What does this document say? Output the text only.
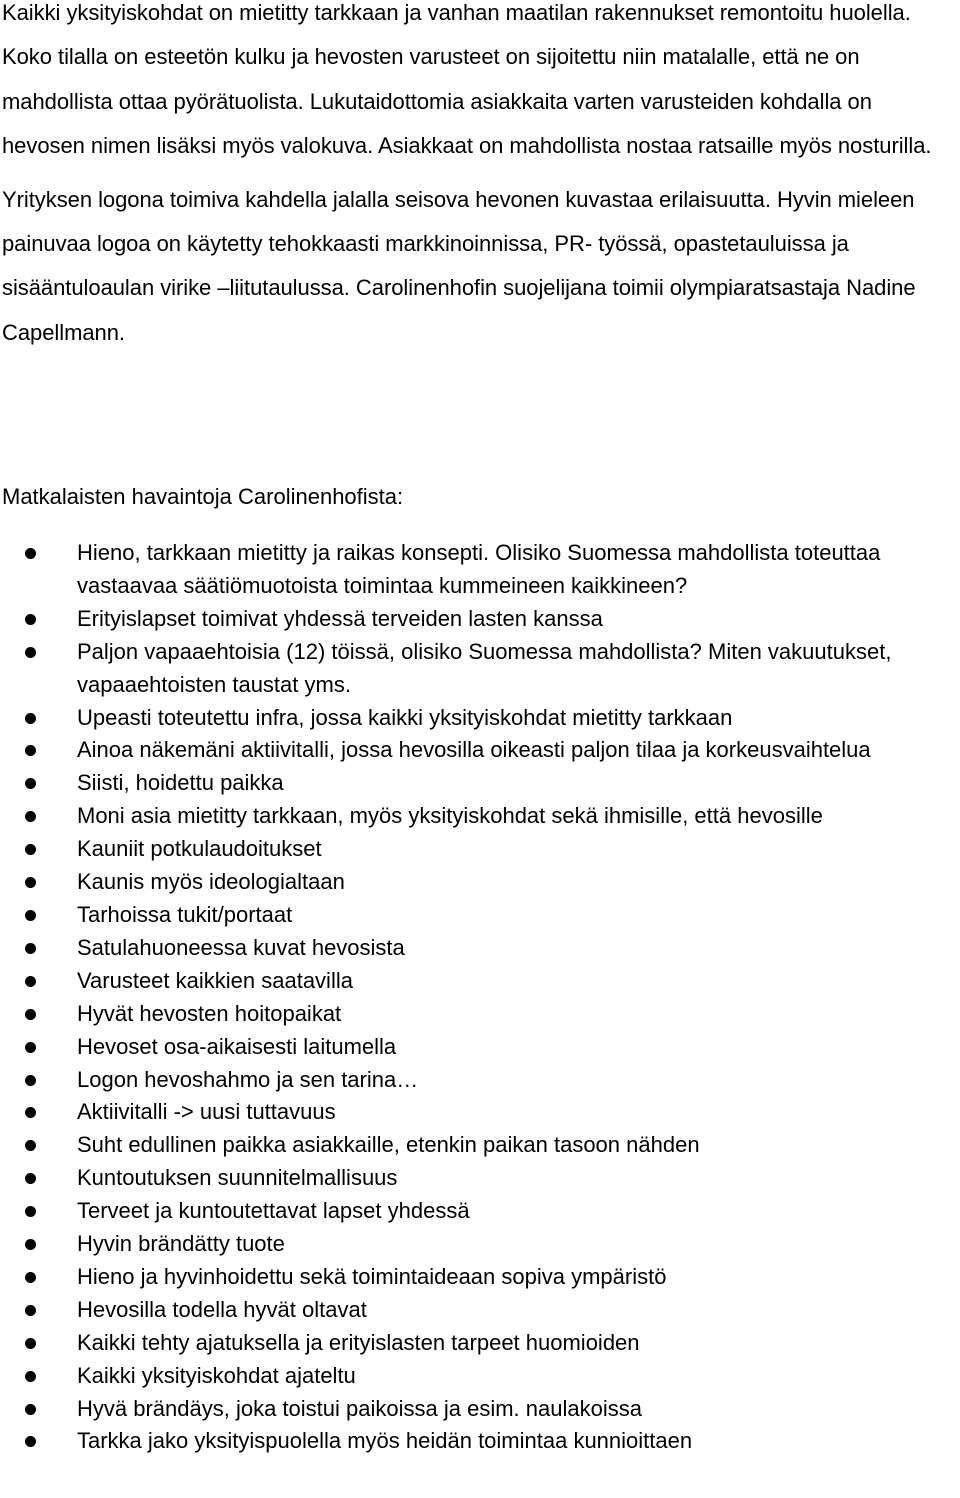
Kaikki yksityiskohdat on mietitty tarkkaan ja vanhan maatilan rakennukset remontoitu huolella. Koko tilalla on esteetön kulku ja hevosten varusteet on sijoitettu niin matalalle, että ne on mahdollista ottaa pyörätuolista. Lukutaidottomia asiakkaita varten varusteiden kohdalla on hevosen nimen lisäksi myös valokuva. Asiakkaat on mahdollista nostaa ratsaille myös nosturilla.

Yrityksen logona toimiva kahdella jalalla seisova hevonen kuvastaa erilaisuutta. Hyvin mieleen painuvaa logoa on käytetty tehokkaasti markkinoinnissa, PR- työssä, opastetauluissa ja sisääntuloaulan virike –liitutaulussa. Carolinenhofin suojelijana toimii olympiaratsastaja Nadine Capellmann.

Matkalaisten havaintoja Carolinenhofista:

Hieno, tarkkaan mietitty ja raikas konsepti. Olisiko Suomessa mahdollista toteuttaa vastaavaa säätiömuotoista toimintaa kummeineen kaikkineen?
Erityislapset toimivat yhdessä terveiden lasten kanssa
Paljon vapaaehtoisia (12) töissä, olisiko Suomessa mahdollista? Miten vakuutukset, vapaaehtoisten taustat yms.
Upeasti toteutettu infra, jossa kaikki yksityiskohdat mietitty tarkkaan
Ainoa näkemäni aktiivitalli, jossa hevosilla oikeasti paljon tilaa ja korkeusvaihtelua
Siisti, hoidettu paikka
Moni asia mietitty tarkkaan, myös yksityiskohdat sekä ihmisille, että hevosille
Kauniit potkulaudoitukset
Kaunis myös ideologialtaan
Tarhoissa tukit/portaat
Satulahuoneessa kuvat hevosista
Varusteet kaikkien saatavilla
Hyvät hevosten hoitopaikat
Hevoset osa-aikaisesti laitumella
Logon hevoshahmo ja sen tarina…
Aktiivitalli -> uusi tuttavuus
Suht edullinen paikka asiakkaille, etenkin paikan tasoon nähden
Kuntoutuksen suunnitelmallisuus
Terveet ja kuntoutettavat lapset yhdessä
Hyvin brändätty tuote
Hieno ja hyvinhoidettu sekä toimintaideaan sopiva ympäristö
Hevosilla todella hyvät oltavat
Kaikki tehty ajatuksella ja erityislasten tarpeet huomioiden
Kaikki yksityiskohdat ajateltu
Hyvä brändäys, joka toistui paikoissa ja esim. naulakoissa
Tarkka jako yksityispuolella myös heidän toimintaa kunnioittaen
